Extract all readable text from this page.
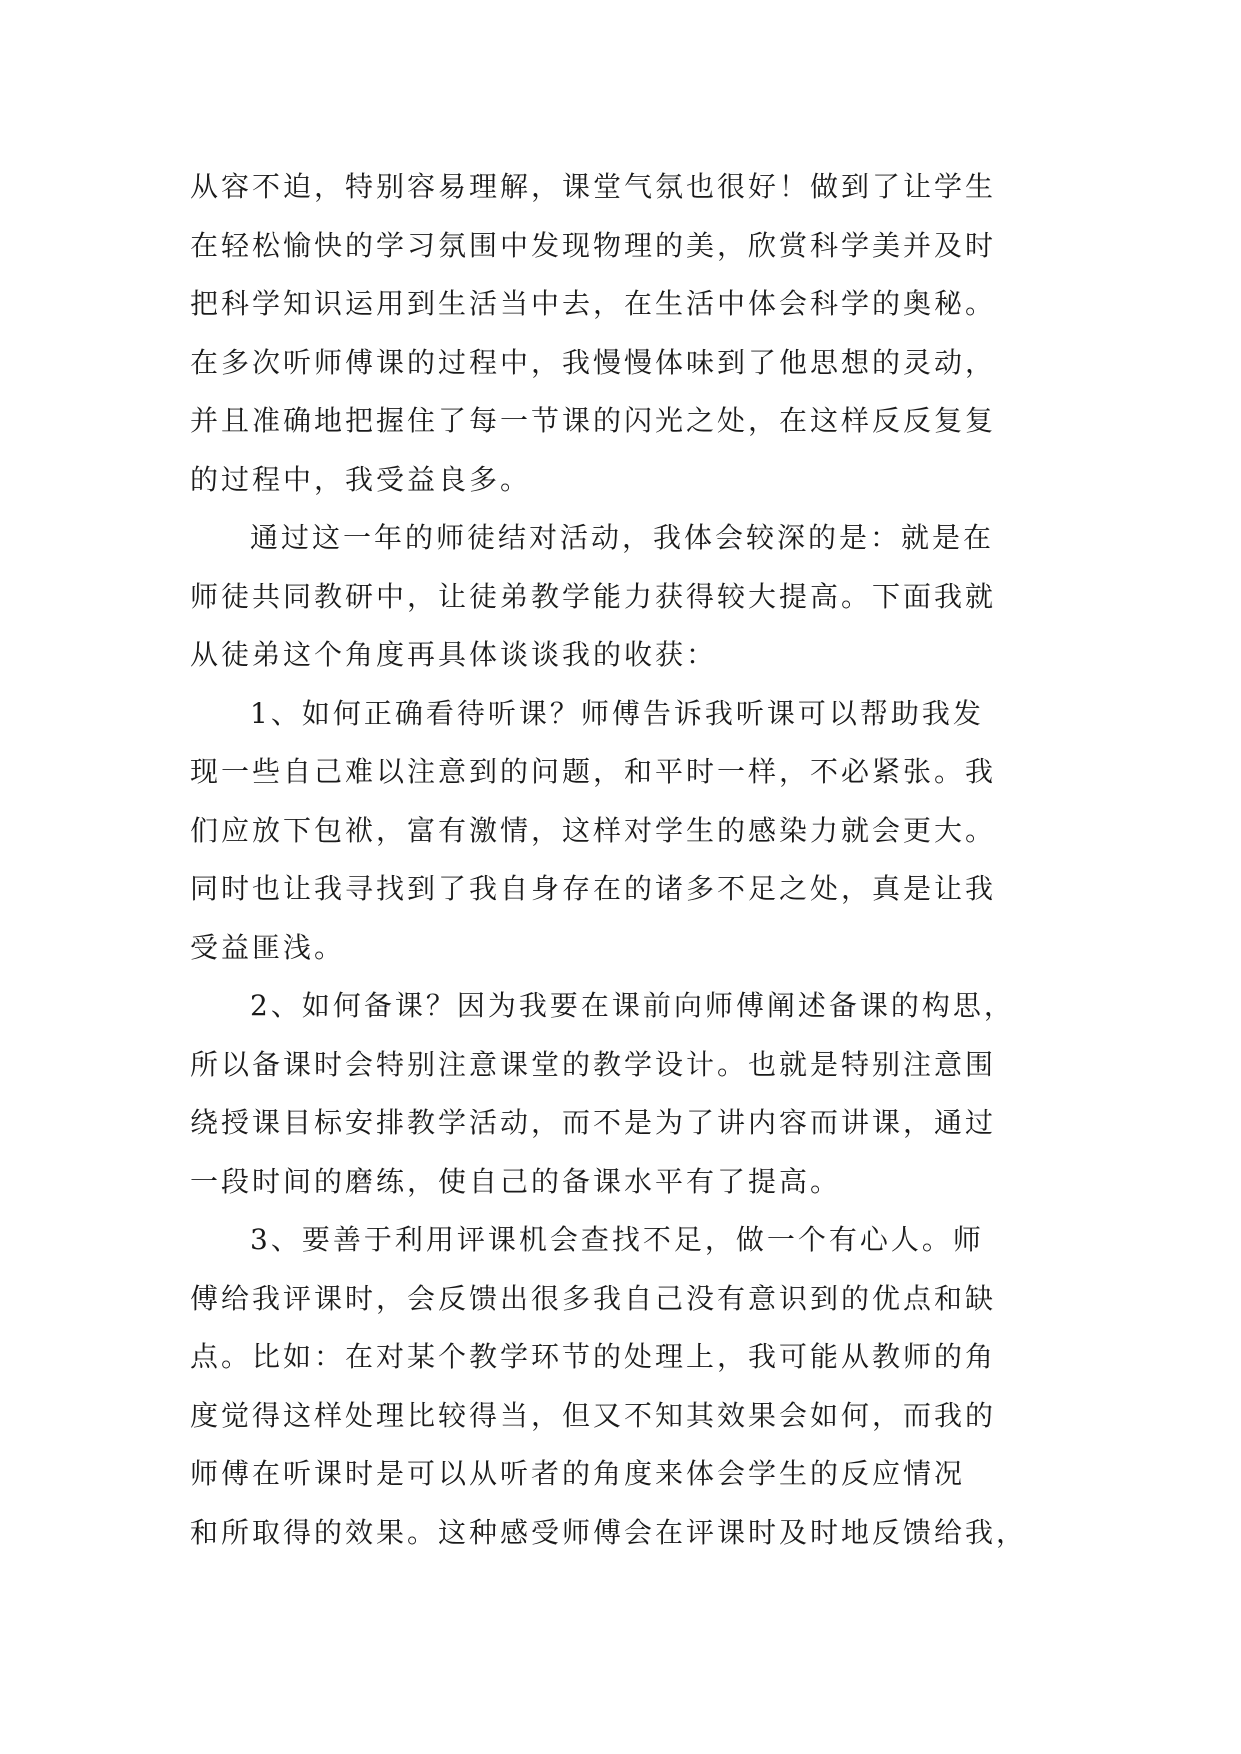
从容不迫，特别容易理解，课堂气氛也很好！做到了让学生
在轻松愉快的学习氛围中发现物理的美，欣赏科学美并及时
把科学知识运用到生活当中去，在生活中体会科学的奥秘。
在多次听师傅课的过程中，我慢慢体味到了他思想的灵动，
并且准确地把握住了每一节课的闪光之处，在这样反反复复
的过程中，我受益良多。
通过这一年的师徒结对活动，我体会较深的是：就是在
师徒共同教研中，让徒弟教学能力获得较大提高。下面我就
从徒弟这个角度再具体谈谈我的收获：
1、如何正确看待听课？师傅告诉我听课可以帮助我发
现一些自己难以注意到的问题，和平时一样，不必紧张。我
们应放下包袱，富有激情，这样对学生的感染力就会更大。
同时也让我寻找到了我自身存在的诸多不足之处，真是让我
受益匪浅。
2、如何备课？因为我要在课前向师傅阐述备课的构思，
所以备课时会特别注意课堂的教学设计。也就是特别注意围
绕授课目标安排教学活动，而不是为了讲内容而讲课，通过
一段时间的磨练，使自己的备课水平有了提高。
3、要善于利用评课机会查找不足，做一个有心人。师
傅给我评课时，会反馈出很多我自己没有意识到的优点和缺
点。比如：在对某个教学环节的处理上，我可能从教师的角
度觉得这样处理比较得当，但又不知其效果会如何，而我的
师傅在听课时是可以从听者的角度来体会学生的反应情况
和所取得的效果。这种感受师傅会在评课时及时地反馈给我，
